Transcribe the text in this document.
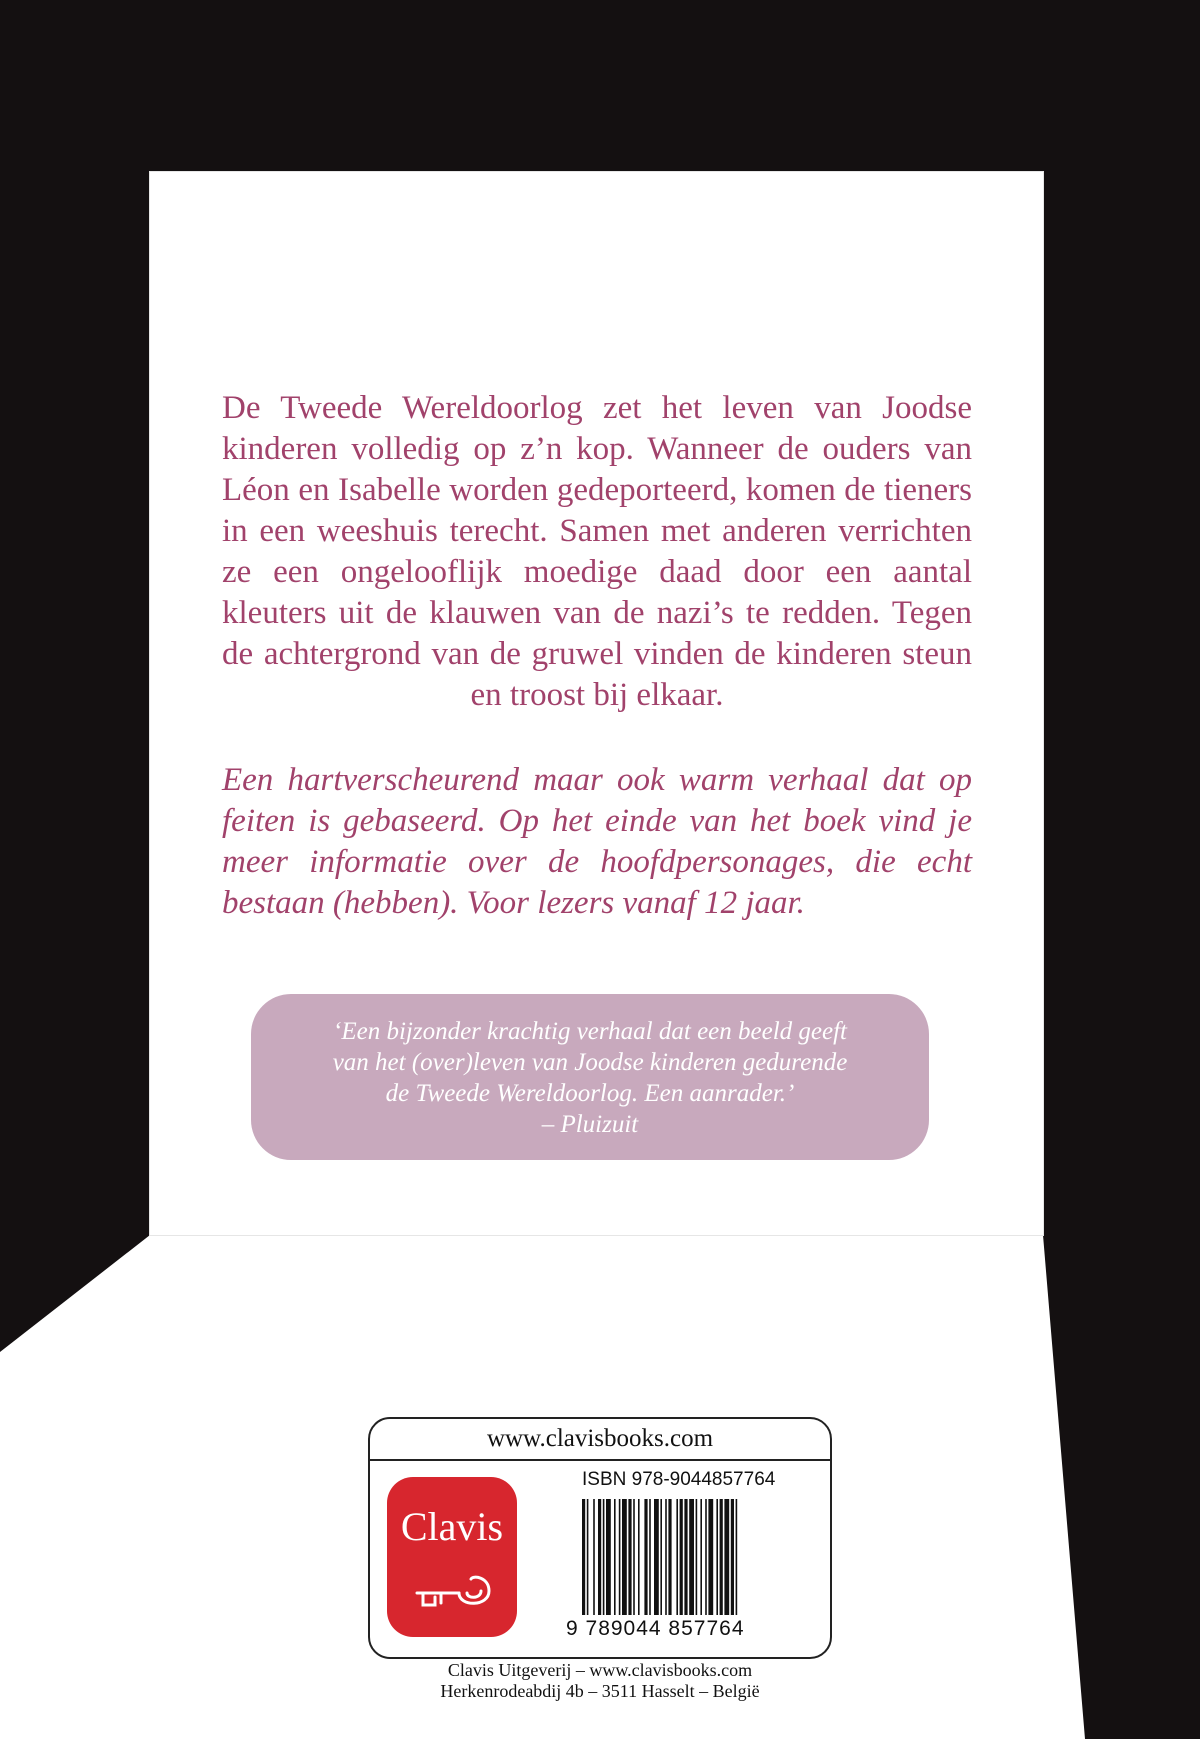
De Tweede Wereldoorlog zet het leven van Joodse kinderen volledig op z’n kop. Wanneer de ouders van Léon en Isabelle worden gedeporteerd, komen de tieners in een weeshuis terecht. Samen met anderen verrichten ze een ongelooflijk moedige daad door een aantal kleuters uit de klauwen van de nazi’s te redden. Tegen de achtergrond van de gruwel vinden de kinderen steun en troost bij elkaar.

Een hartverscheurend maar ook warm verhaal dat op feiten is gebaseerd. Op het einde van het boek vind je meer informatie over de hoofdpersonages, die echt bestaan (hebben). Voor lezers vanaf 12 jaar.

‘Een bijzonder krachtig verhaal dat een beeld geeft
van het (over)leven van Joodse kinderen gedurende
de Tweede Wereldoorlog. Een aanrader.’
– Pluizuit

www.clavisbooks.com
Clavis
ISBN 978-9044857764
9 789044 857764
Clavis Uitgeverij – www.clavisbooks.com
Herkenrodeabdij 4b – 3511 Hasselt – België
